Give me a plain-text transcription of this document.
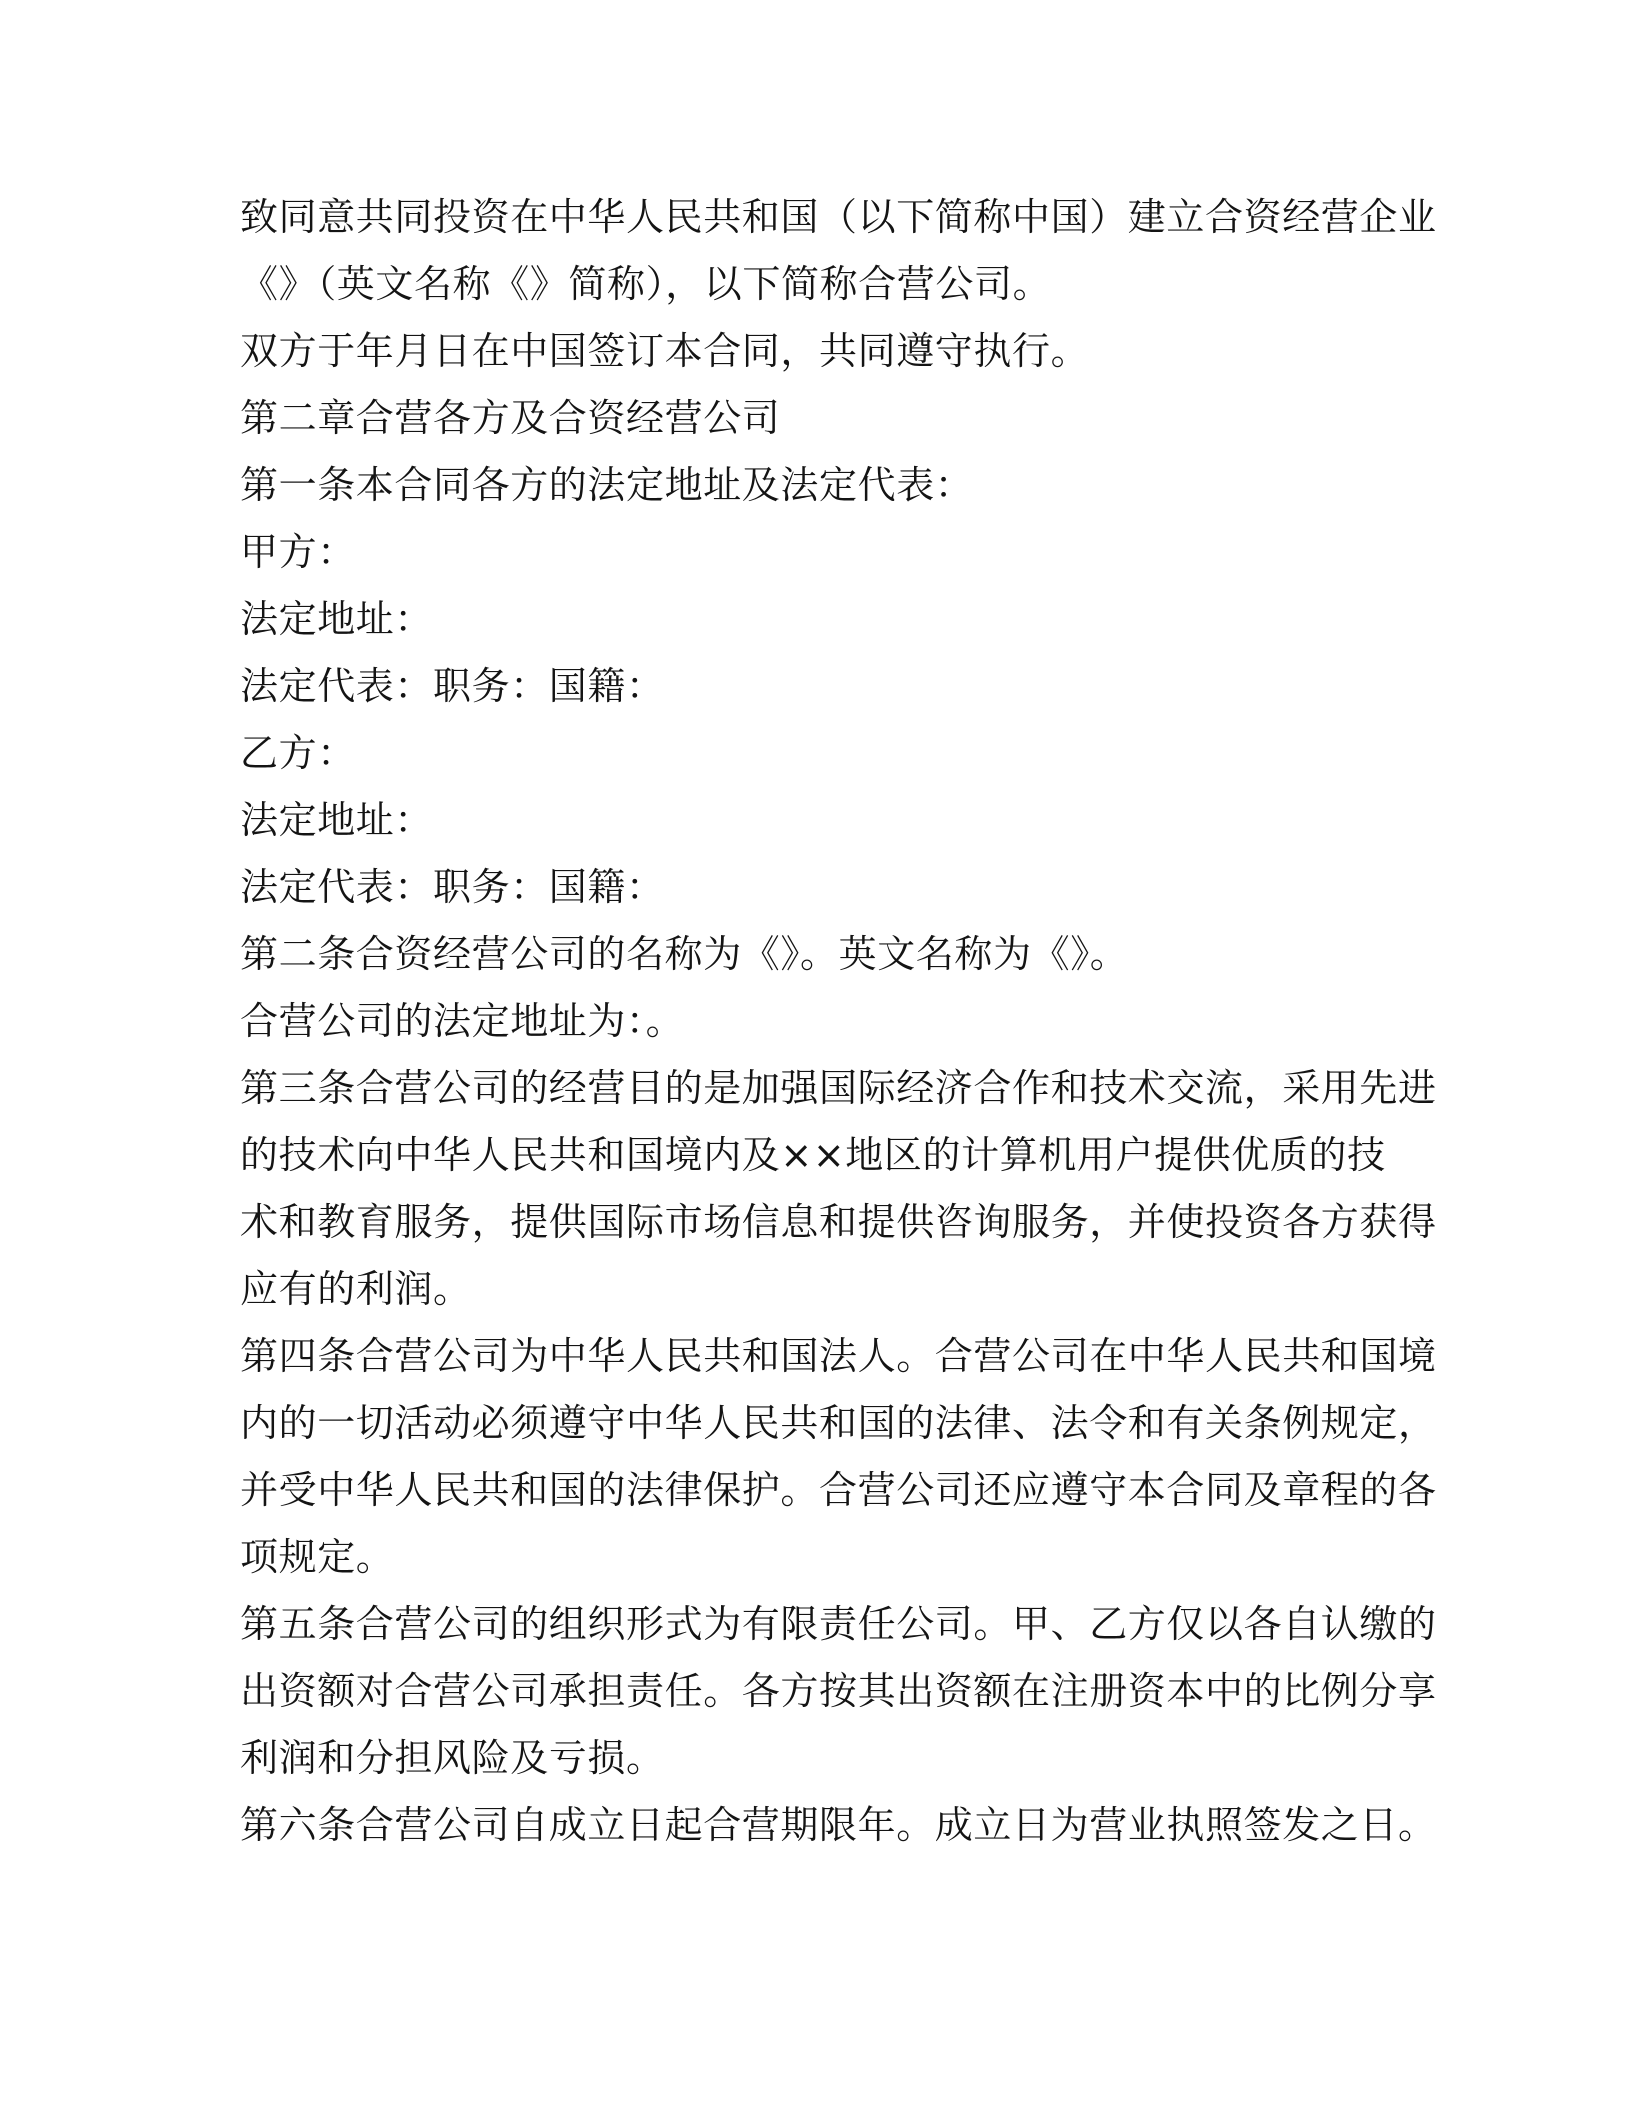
致同意共同投资在中华人民共和国（以下简称中国）建立合资经营企业
《》（英文名称《》简称），以下简称合营公司。
双方于年月日在中国签订本合同，共同遵守执行。
第二章合营各方及合资经营公司
第一条本合同各方的法定地址及法定代表：
甲方：
法定地址：
法定代表：职务：国籍：
乙方：
法定地址：
法定代表：职务：国籍：
第二条合资经营公司的名称为《》。英文名称为《》。
合营公司的法定地址为：。
第三条合营公司的经营目的是加强国际经济合作和技术交流，采用先进
的技术向中华人民共和国境内及××地区的计算机用户提供优质的技
术和教育服务，提供国际市场信息和提供咨询服务，并使投资各方获得
应有的利润。
第四条合营公司为中华人民共和国法人。合营公司在中华人民共和国境
内的一切活动必须遵守中华人民共和国的法律、法令和有关条例规定，
并受中华人民共和国的法律保护。合营公司还应遵守本合同及章程的各
项规定。
第五条合营公司的组织形式为有限责任公司。甲、乙方仅以各自认缴的
出资额对合营公司承担责任。各方按其出资额在注册资本中的比例分享
利润和分担风险及亏损。
第六条合营公司自成立日起合营期限年。成立日为营业执照签发之日。
